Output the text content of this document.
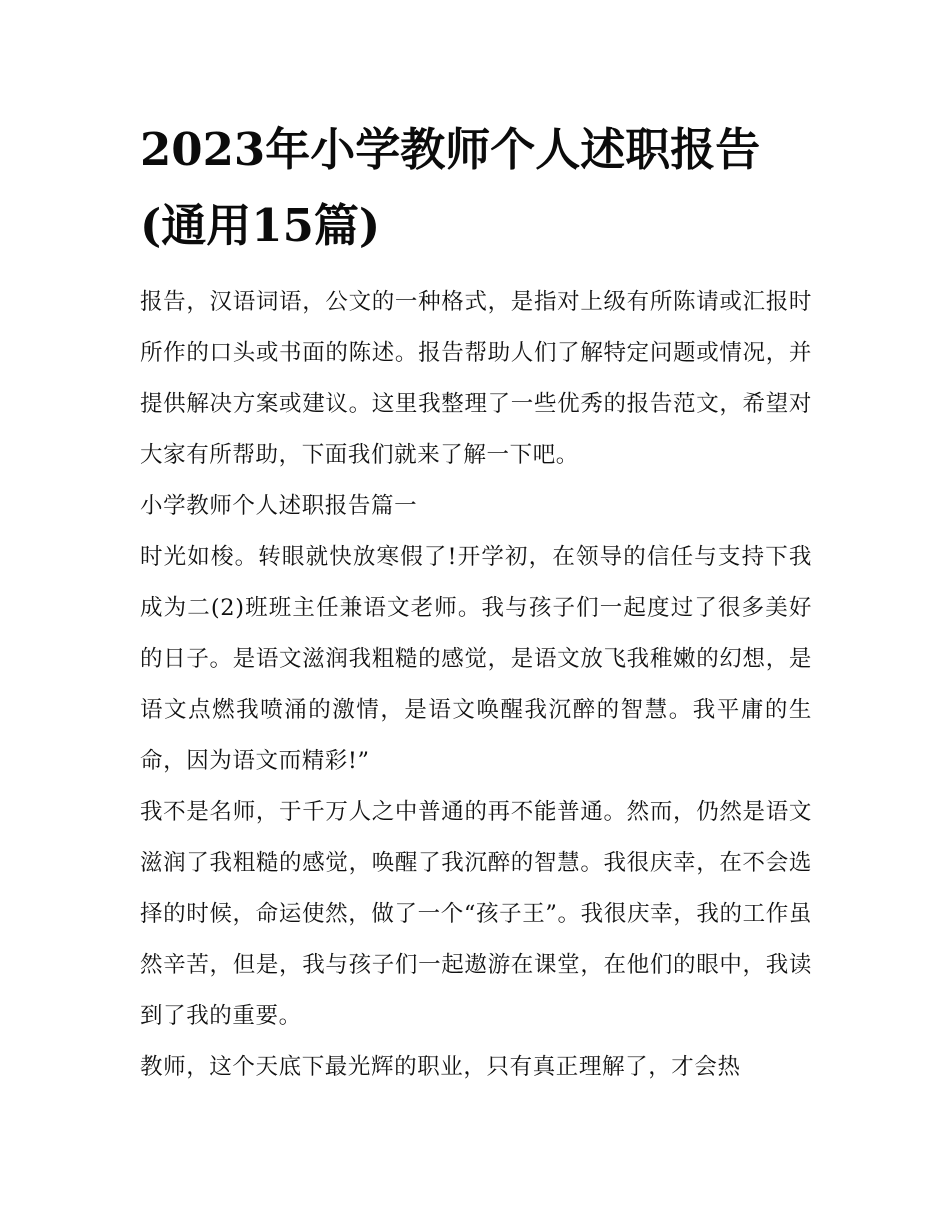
2023年小学教师个人述职报告
(通用15篇)

报告，汉语词语，公文的一种格式，是指对上级有所陈请或汇报时所作的口头或书面的陈述。报告帮助人们了解特定问题或情况，并提供解决方案或建议。这里我整理了一些优秀的报告范文，希望对大家有所帮助，下面我们就来了解一下吧。

小学教师个人述职报告篇一

时光如梭。转眼就快放寒假了!开学初，在领导的信任与支持下我成为二(2)班班主任兼语文老师。我与孩子们一起度过了很多美好的日子。是语文滋润我粗糙的感觉，是语文放飞我稚嫩的幻想，是语文点燃我喷涌的激情，是语文唤醒我沉醉的智慧。我平庸的生命，因为语文而精彩!”

我不是名师，于千万人之中普通的再不能普通。然而，仍然是语文滋润了我粗糙的感觉，唤醒了我沉醉的智慧。我很庆幸，在不会选择的时候，命运使然，做了一个“孩子王”。我很庆幸，我的工作虽然辛苦，但是，我与孩子们一起遨游在课堂，在他们的眼中，我读到了我的重要。

教师，这个天底下最光辉的职业，只有真正理解了，才会热
